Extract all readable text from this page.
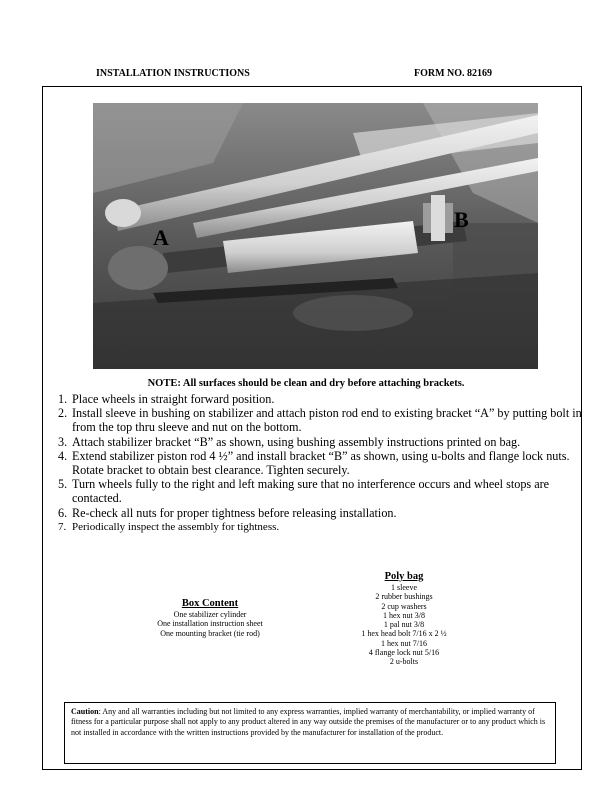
INSTALLATION INSTRUCTIONS	FORM NO. 82169
A
B
NOTE: All surfaces should be clean and dry before attaching brackets.
1. Place wheels in straight forward position.
2. Install sleeve in bushing on stabilizer and attach piston rod end to existing bracket “A” by putting bolt in from the top thru sleeve and nut on the bottom.
3. Attach stabilizer bracket “B” as shown, using bushing assembly instructions printed on bag.
4. Extend stabilizer piston rod 4 ½” and install bracket “B” as shown, using u-bolts and flange lock nuts. Rotate bracket to obtain best clearance. Tighten securely.
5. Turn wheels fully to the right and left making sure that no interference occurs and wheel stops are contacted.
6. Re-check all nuts for proper tightness before releasing installation.
7. Periodically inspect the assembly for tightness.
Box Content
One stabilizer cylinder
One installation instruction sheet
One mounting bracket (tie rod)
Poly bag
1 sleeve
2 rubber bushings
2 cup washers
1 hex nut 3/8
1 pal nut 3/8
1 hex head bolt 7/16 x 2 ½
1 hex nut 7/16
4 flange lock nut 5/16
2 u-bolts
Caution: Any and all warranties including but not limited to any express warranties, implied warranty of merchantability, or implied warranty of fitness for a particular purpose shall not apply to any product altered in any way outside the premises of the manufacturer or to any product which is not installed in accordance with the written instructions provided by the manufacturer for installation of the product.
